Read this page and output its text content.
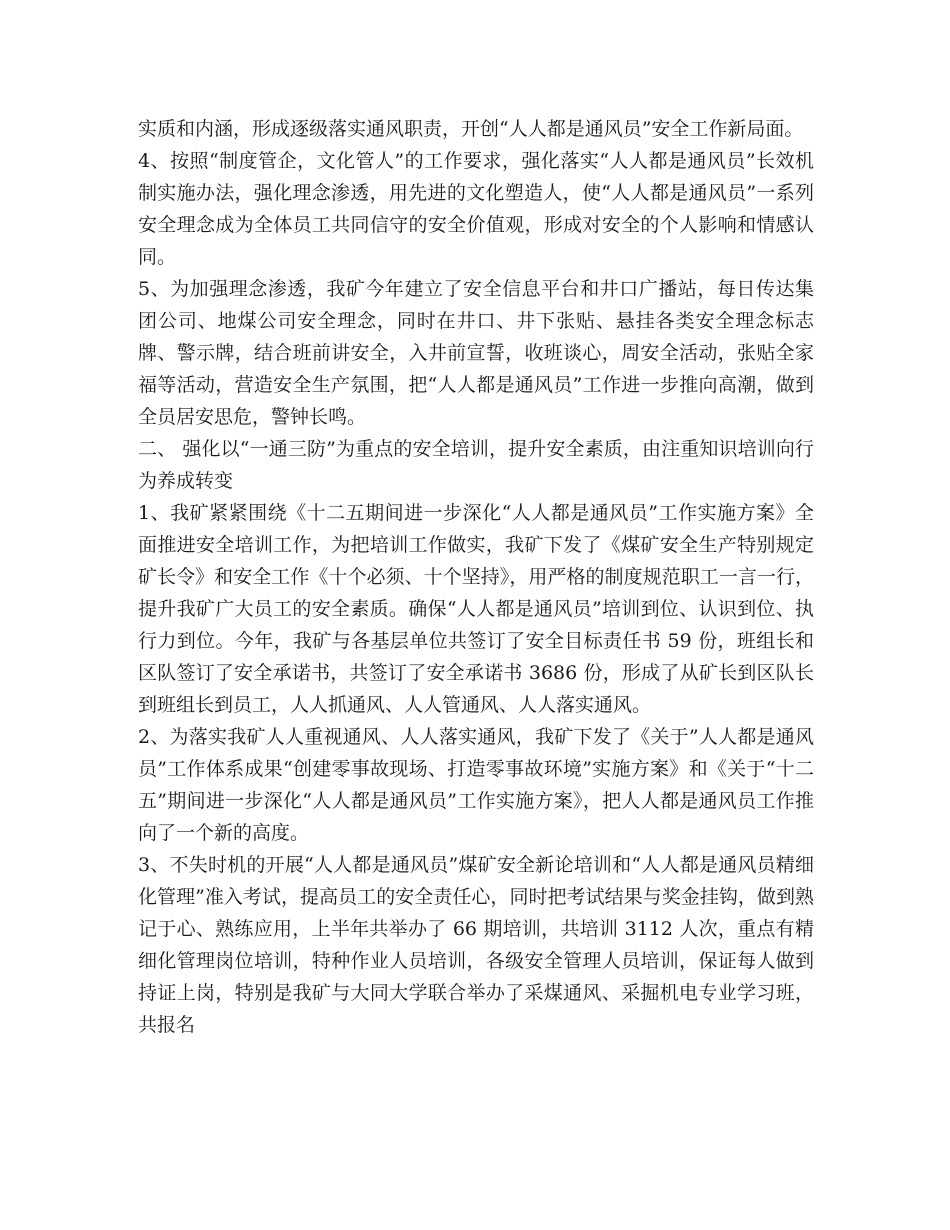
实质和内涵，形成逐级落实通风职责，开创“人人都是通风员”安全工作新局面。

4、按照“制度管企，文化管人”的工作要求，强化落实“人人都是通风员”长效机制实施办法，强化理念渗透，用先进的文化塑造人，使“人人都是通风员”一系列安全理念成为全体员工共同信守的安全价值观，形成对安全的个人影响和情感认同。

5、为加强理念渗透，我矿今年建立了安全信息平台和井口广播站，每日传达集团公司、地煤公司安全理念，同时在井口、井下张贴、悬挂各类安全理念标志牌、警示牌，结合班前讲安全，入井前宣誓，收班谈心，周安全活动，张贴全家福等活动，营造安全生产氛围，把“人人都是通风员”工作进一步推向高潮，做到全员居安思危，警钟长鸣。

二、 强化以“一通三防”为重点的安全培训，提升安全素质，由注重知识培训向行为养成转变

1、我矿紧紧围绕《十二五期间进一步深化“人人都是通风员”工作实施方案》全面推进安全培训工作，为把培训工作做实，我矿下发了《煤矿安全生产特别规定矿长令》和安全工作《十个必须、十个坚持》，用严格的制度规范职工一言一行，提升我矿广大员工的安全素质。确保“人人都是通风员”培训到位、认识到位、执行力到位。今年，我矿与各基层单位共签订了安全目标责任书 59 份，班组长和区队签订了安全承诺书，共签订了安全承诺书 3686 份，形成了从矿长到区队长到班组长到员工，人人抓通风、人人管通风、人人落实通风。

2、为落实我矿人人重视通风、人人落实通风，我矿下发了《关于”人人都是通风员”工作体系成果“创建零事故现场、打造零事故环境”实施方案》和《关于“十二五”期间进一步深化“人人都是通风员”工作实施方案》，把人人都是通风员工作推向了一个新的高度。

3、不失时机的开展“人人都是通风员”煤矿安全新论培训和“人人都是通风员精细化管理”准入考试，提高员工的安全责任心，同时把考试结果与奖金挂钩，做到熟记于心、熟练应用，上半年共举办了 66 期培训，共培训 3112 人次，重点有精细化管理岗位培训，特种作业人员培训，各级安全管理人员培训，保证每人做到持证上岗，特别是我矿与大同大学联合举办了采煤通风、采掘机电专业学习班，共报名
